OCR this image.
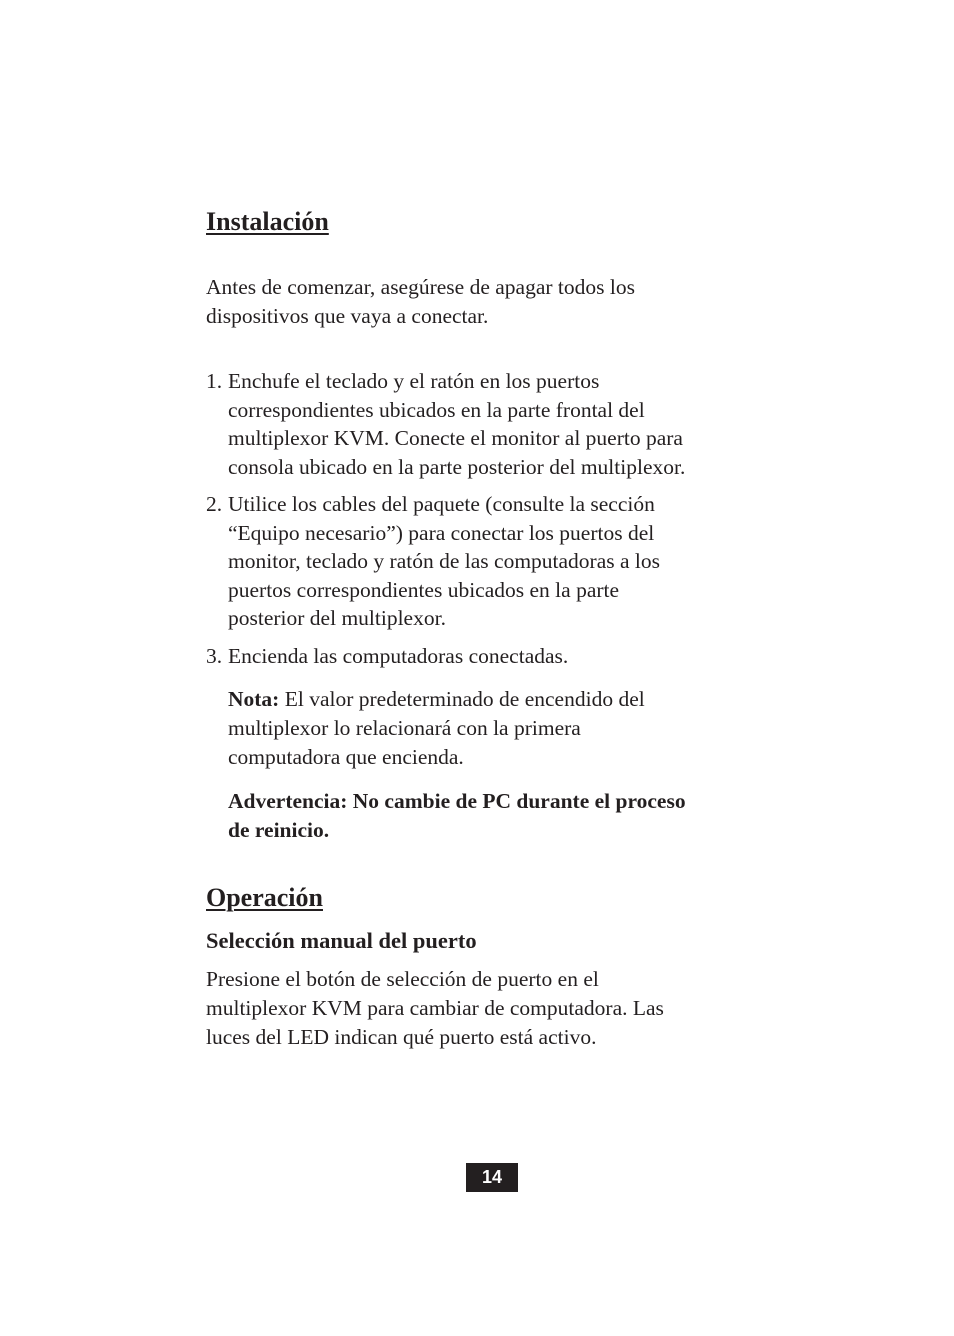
Instalación

Antes de comenzar, asegúrese de apagar todos los
dispositivos que vaya a conectar.

1. Enchufe el teclado y el ratón en los puertos
correspondientes ubicados en la parte frontal del
multiplexor KVM. Conecte el monitor al puerto para
consola ubicado en la parte posterior del multiplexor.
2. Utilice los cables del paquete (consulte la sección
“Equipo necesario”) para conectar los puertos del
monitor, teclado y ratón de las computadoras a los
puertos correspondientes ubicados en la parte
posterior del multiplexor.
3. Encienda las computadoras conectadas.

Nota: El valor predeterminado de encendido del
multiplexor lo relacionará con la primera
computadora que encienda.

Advertencia: No cambie de PC durante el proceso
de reinicio.

Operación
Selección manual del puerto

Presione el botón de selección de puerto en el
multiplexor KVM para cambiar de computadora. Las
luces del LED indican qué puerto está activo.

14
